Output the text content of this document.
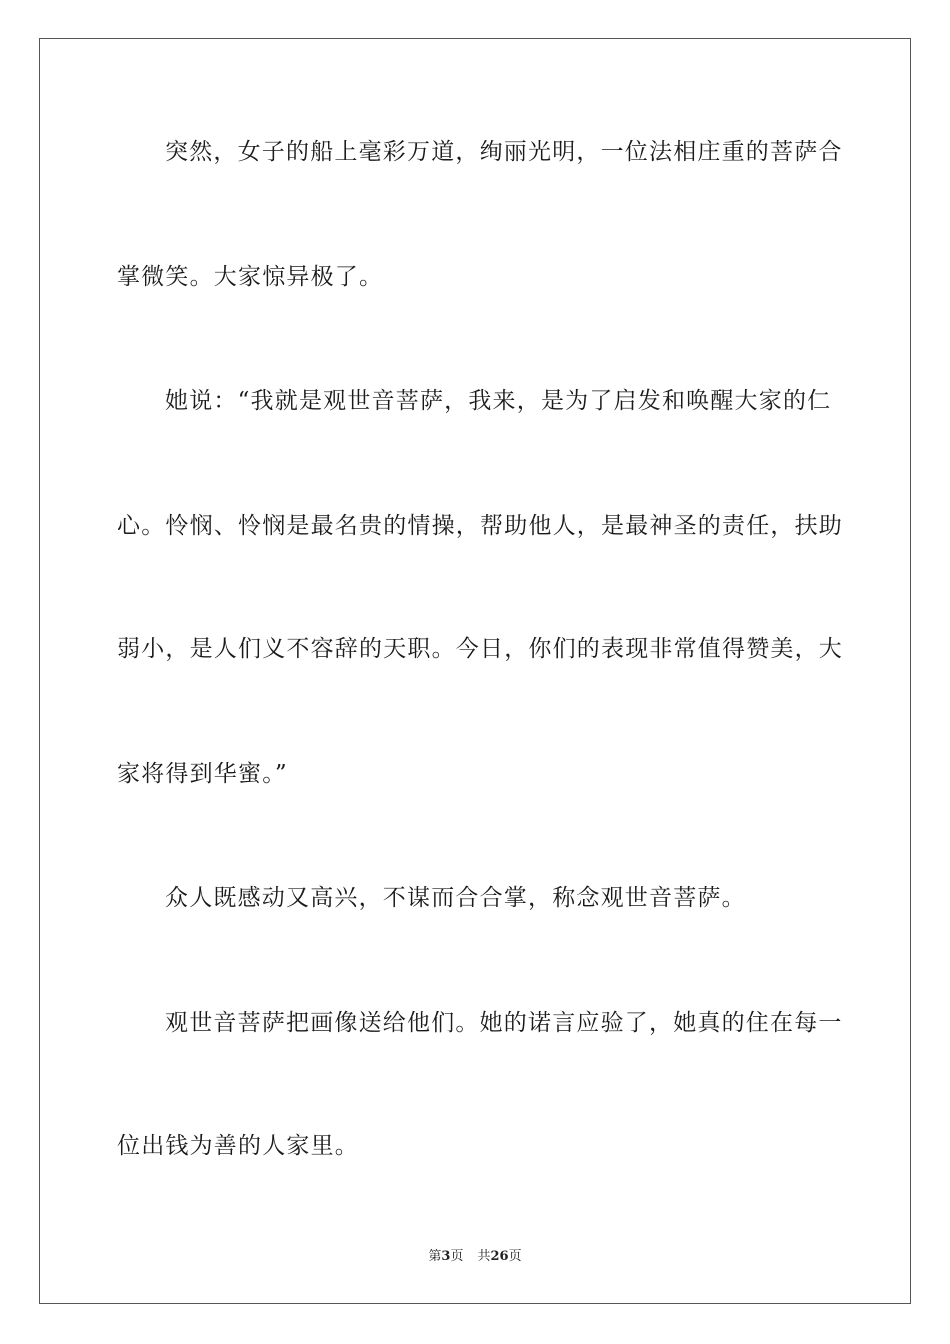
突然，女子的船上毫彩万道，绚丽光明，一位法相庄重的菩萨合
掌微笑。大家惊异极了。
她说：“我就是观世音菩萨，我来，是为了启发和唤醒大家的仁
心。怜悯、怜悯是最名贵的情操，帮助他人，是最神圣的责任，扶助
弱小，是人们义不容辞的天职。今日，你们的表现非常值得赞美，大
家将得到华蜜。”
众人既感动又高兴，不谋而合合掌，称念观世音菩萨。
观世音菩萨把画像送给他们。她的诺言应验了，她真的住在每一
位出钱为善的人家里。
第3页 共26页
